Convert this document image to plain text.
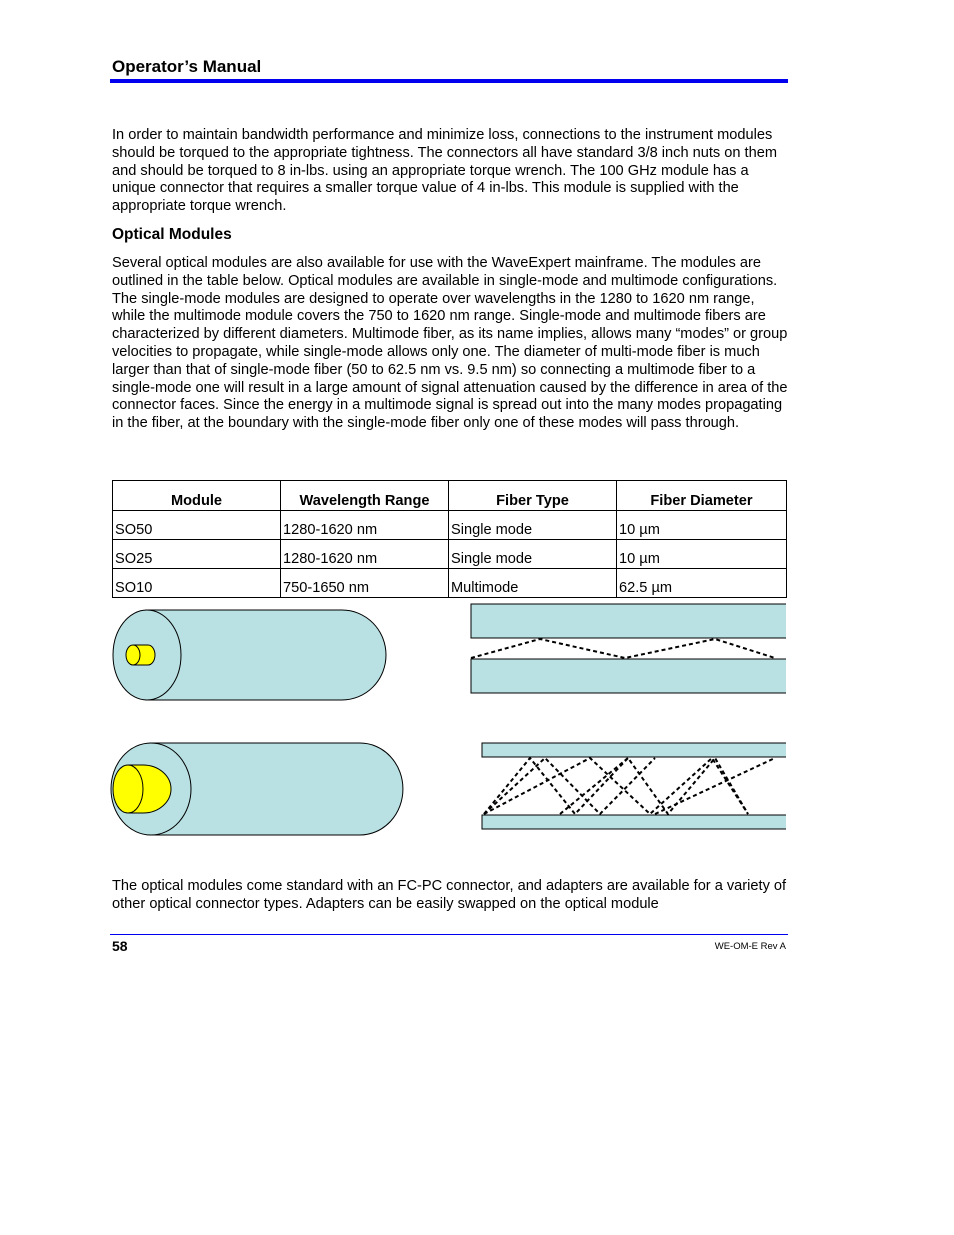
Operator’s Manual

In order to maintain bandwidth performance and minimize loss, connections to the instrument modules should be torqued to the appropriate tightness. The connectors all have standard 3/8 inch nuts on them and should be torqued to 8 in-lbs. using an appropriate torque wrench. The 100 GHz module has a unique connector that requires a smaller torque value of 4 in-lbs. This module is supplied with the appropriate torque wrench.

Optical Modules

Several optical modules are also available for use with the WaveExpert mainframe. The modules are outlined in the table below. Optical modules are available in single-mode and multimode configurations. The single-mode modules are designed to operate over wavelengths in the 1280 to 1620 nm range, while the multimode module covers the 750 to 1620 nm range. Single-mode and multimode fibers are characterized by different diameters. Multimode fiber, as its name implies, allows many “modes” or group velocities to propagate, while single-mode allows only one. The diameter of multi-mode fiber is much larger than that of single-mode fiber (50 to 62.5 nm vs. 9.5 nm) so connecting a multimode fiber to a single-mode one will result in a large amount of signal attenuation caused by the difference in area of the connector faces. Since the energy in a multimode signal is spread out into the many modes propagating in the fiber, at the boundary with the single-mode fiber only one of these modes will pass through.

Module	Wavelength Range	Fiber Type	Fiber Diameter
SO50	1280-1620 nm	Single mode	10 µm
SO25	1280-1620 nm	Single mode	10 µm
SO10	750-1650 nm	Multimode	62.5 µm

The optical modules come standard with an FC-PC connector, and adapters are available for a variety of other optical connector types. Adapters can be easily swapped on the optical module

58	WE-OM-E Rev A
